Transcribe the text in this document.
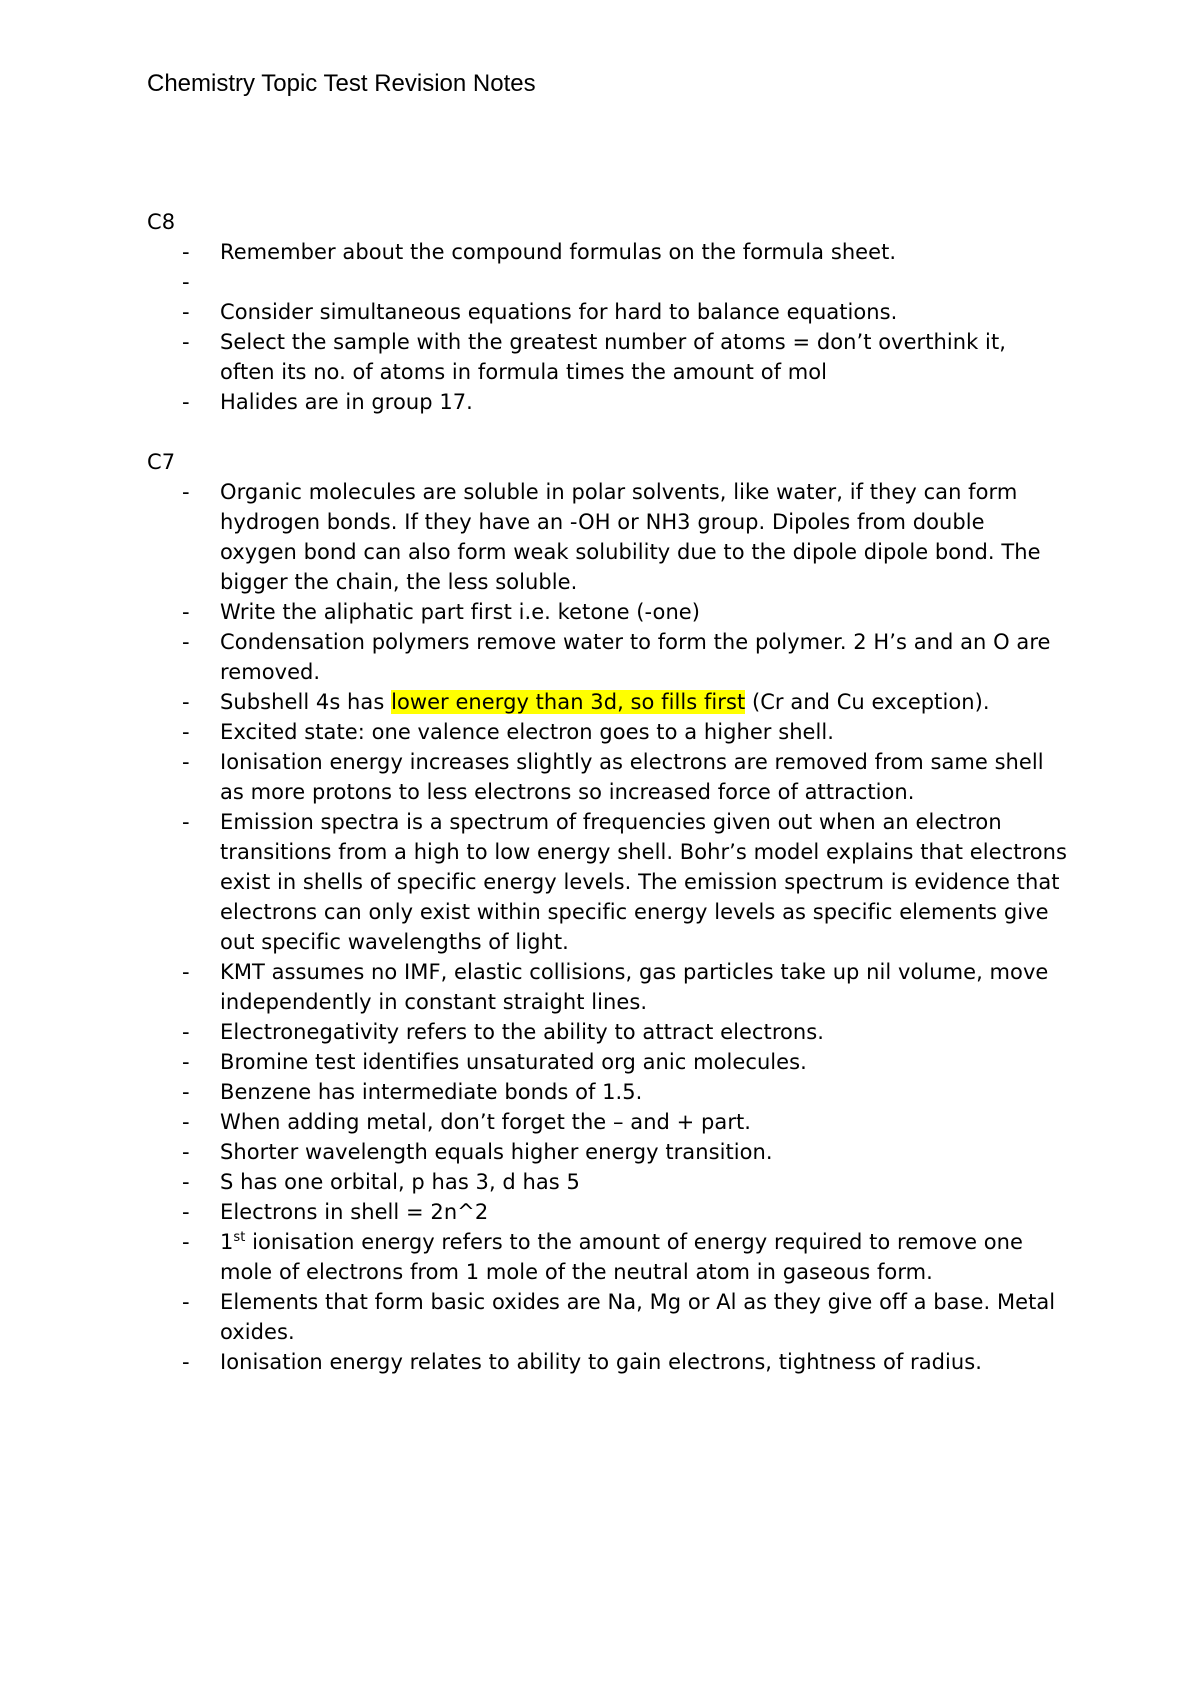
Chemistry Topic Test Revision Notes
C8
- Remember about the compound formulas on the formula sheet.
-
- Consider simultaneous equations for hard to balance equations.
- Select the sample with the greatest number of atoms = don’t overthink it, often its no. of atoms in formula times the amount of mol
- Halides are in group 17.
C7
- Organic molecules are soluble in polar solvents, like water, if they can form hydrogen bonds. If they have an -OH or NH3 group. Dipoles from double oxygen bond can also form weak solubility due to the dipole dipole bond. The bigger the chain, the less soluble.
- Write the aliphatic part first i.e. ketone (-one)
- Condensation polymers remove water to form the polymer. 2 H’s and an O are removed.
- Subshell 4s has lower energy than 3d, so fills first (Cr and Cu exception).
- Excited state: one valence electron goes to a higher shell.
- Ionisation energy increases slightly as electrons are removed from same shell as more protons to less electrons so increased force of attraction.
- Emission spectra is a spectrum of frequencies given out when an electron transitions from a high to low energy shell. Bohr’s model explains that electrons exist in shells of specific energy levels. The emission spectrum is evidence that electrons can only exist within specific energy levels as specific elements give out specific wavelengths of light.
- KMT assumes no IMF, elastic collisions, gas particles take up nil volume, move independently in constant straight lines.
- Electronegativity refers to the ability to attract electrons.
- Bromine test identifies unsaturated org anic molecules.
- Benzene has intermediate bonds of 1.5.
- When adding metal, don’t forget the – and + part.
- Shorter wavelength equals higher energy transition.
- S has one orbital, p has 3, d has 5
- Electrons in shell = 2n^2
- 1st ionisation energy refers to the amount of energy required to remove one mole of electrons from 1 mole of the neutral atom in gaseous form.
- Elements that form basic oxides are Na, Mg or Al as they give off a base. Metal oxides.
- Ionisation energy relates to ability to gain electrons, tightness of radius.
